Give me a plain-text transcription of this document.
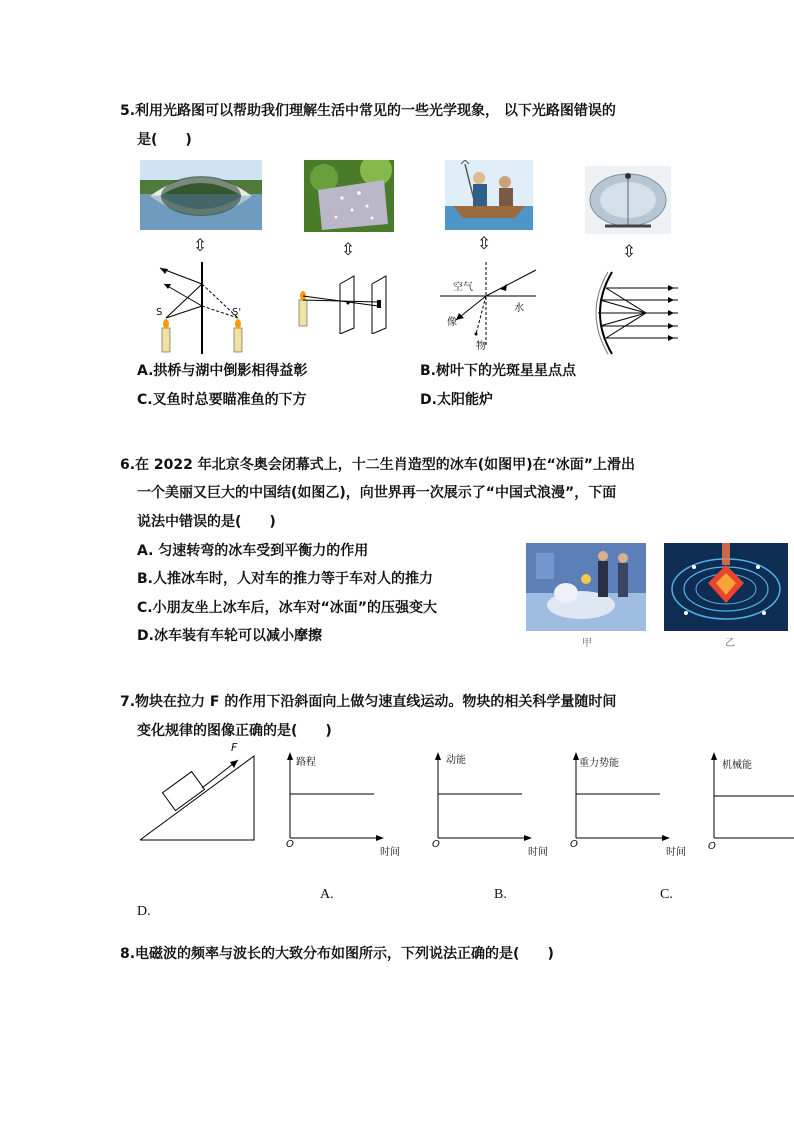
5.利用光路图可以帮助我们理解生活中常见的一些光学现象， 以下光路图错误的
是(　　)
⇳	⇳	⇳	⇳
S	S'
空气
水
像
物
A.拱桥与湖中倒影相得益彰	B.树叶下的光斑星星点点
C.叉鱼时总要瞄准鱼的下方	D.太阳能炉
6.在 2022 年北京冬奥会闭幕式上，十二生肖造型的冰车(如图甲)在“冰面”上滑出
一个美丽又巨大的中国结(如图乙)，向世界再一次展示了“中国式浪漫”，下面
说法中错误的是(　　)
A. 匀速转弯的冰车受到平衡力的作用
B.人推冰车时，人对车的推力等于车对人的推力
C.小朋友坐上冰车后，冰车对“冰面”的压强变大
D.冰车装有车轮可以减小摩擦	甲	乙
7.物块在拉力 F 的作用下沿斜面向上做匀速直线运动。物块的相关科学量随时间
变化规律的图像正确的是(　　)
F
路程
时间
O
动能
时间
O
重力势能
时间
O
机械能
O
A.	B.	C.
D.
8.电磁波的频率与波长的大致分布如图所示，下列说法正确的是(　　)
